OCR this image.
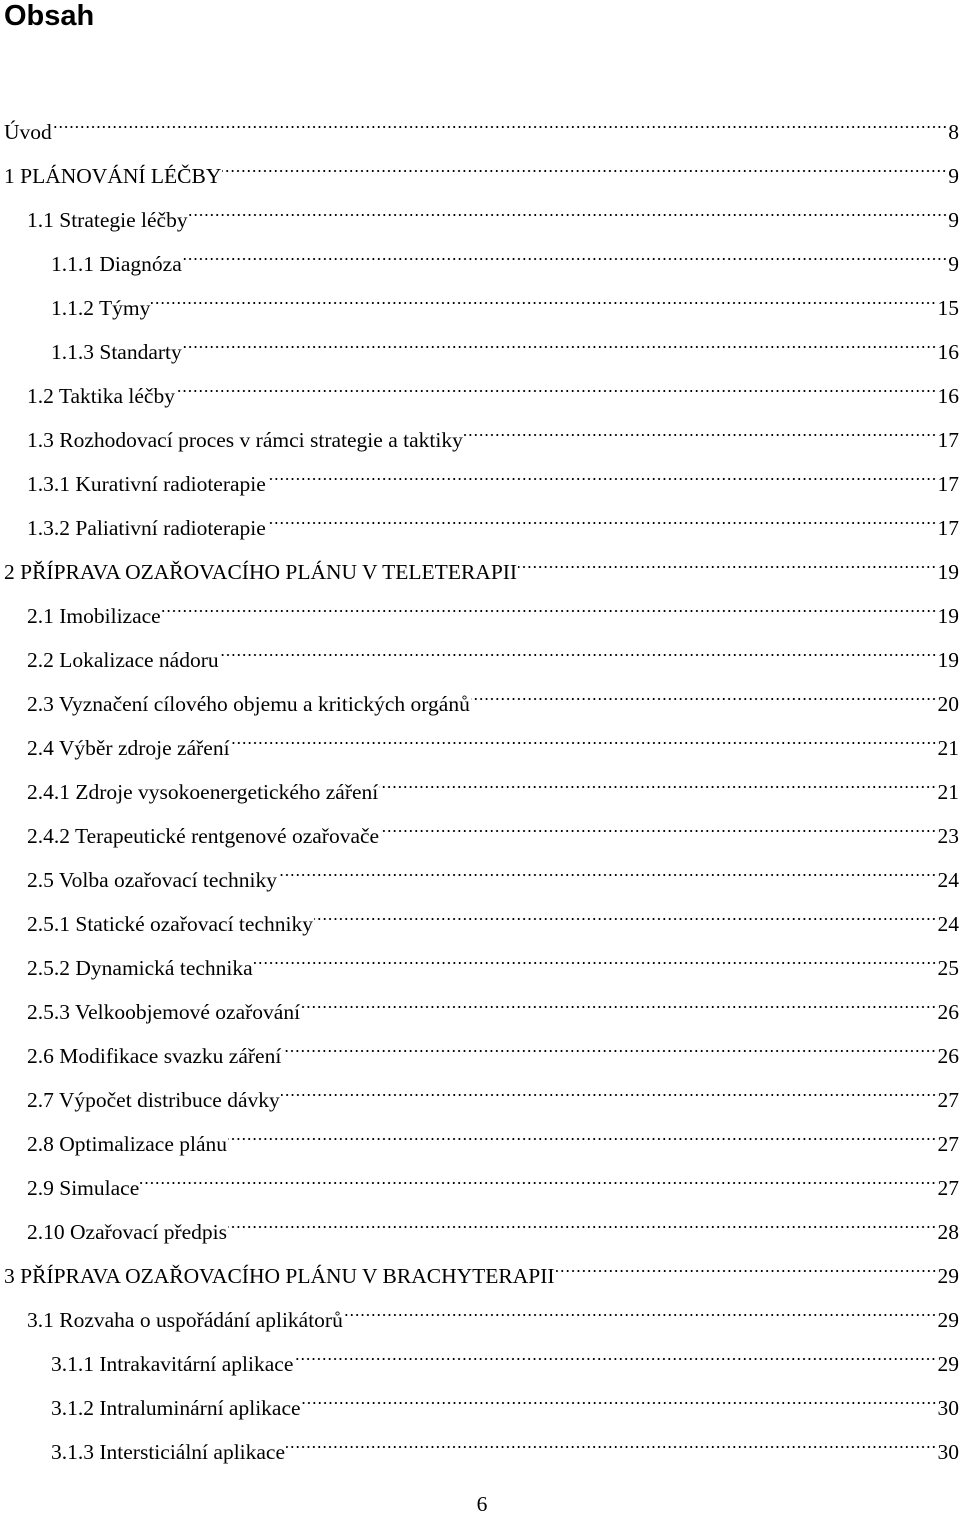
Obsah
Úvod	8
1 PLÁNOVÁNÍ LÉČBY	9
1.1 Strategie léčby	9
1.1.1 Diagnóza	9
1.1.2 Týmy	15
1.1.3 Standarty	16
1.2 Taktika léčby	16
1.3 Rozhodovací proces v rámci strategie a taktiky	17
1.3.1 Kurativní radioterapie	17
1.3.2 Paliativní radioterapie	17
2 PŘÍPRAVA OZAŘOVACÍHO PLÁNU V TELETERAPII	19
2.1 Imobilizace	19
2.2 Lokalizace nádoru	19
2.3 Vyznačení cílového objemu a kritických orgánů	20
2.4 Výběr zdroje záření	21
2.4.1 Zdroje vysokoenergetického záření	21
2.4.2 Terapeutické rentgenové ozařovače	23
2.5 Volba ozařovací techniky	24
2.5.1 Statické ozařovací techniky	24
2.5.2 Dynamická technika	25
2.5.3 Velkoobjemové ozařování	26
2.6 Modifikace svazku záření	26
2.7 Výpočet distribuce dávky	27
2.8 Optimalizace plánu	27
2.9 Simulace	27
2.10 Ozařovací předpis	28
3 PŘÍPRAVA OZAŘOVACÍHO PLÁNU V BRACHYTERAPII	29
3.1 Rozvaha o uspořádání aplikátorů	29
3.1.1 Intrakavitární aplikace	29
3.1.2 Intraluminární aplikace	30
3.1.3 Intersticiální aplikace	30
6
